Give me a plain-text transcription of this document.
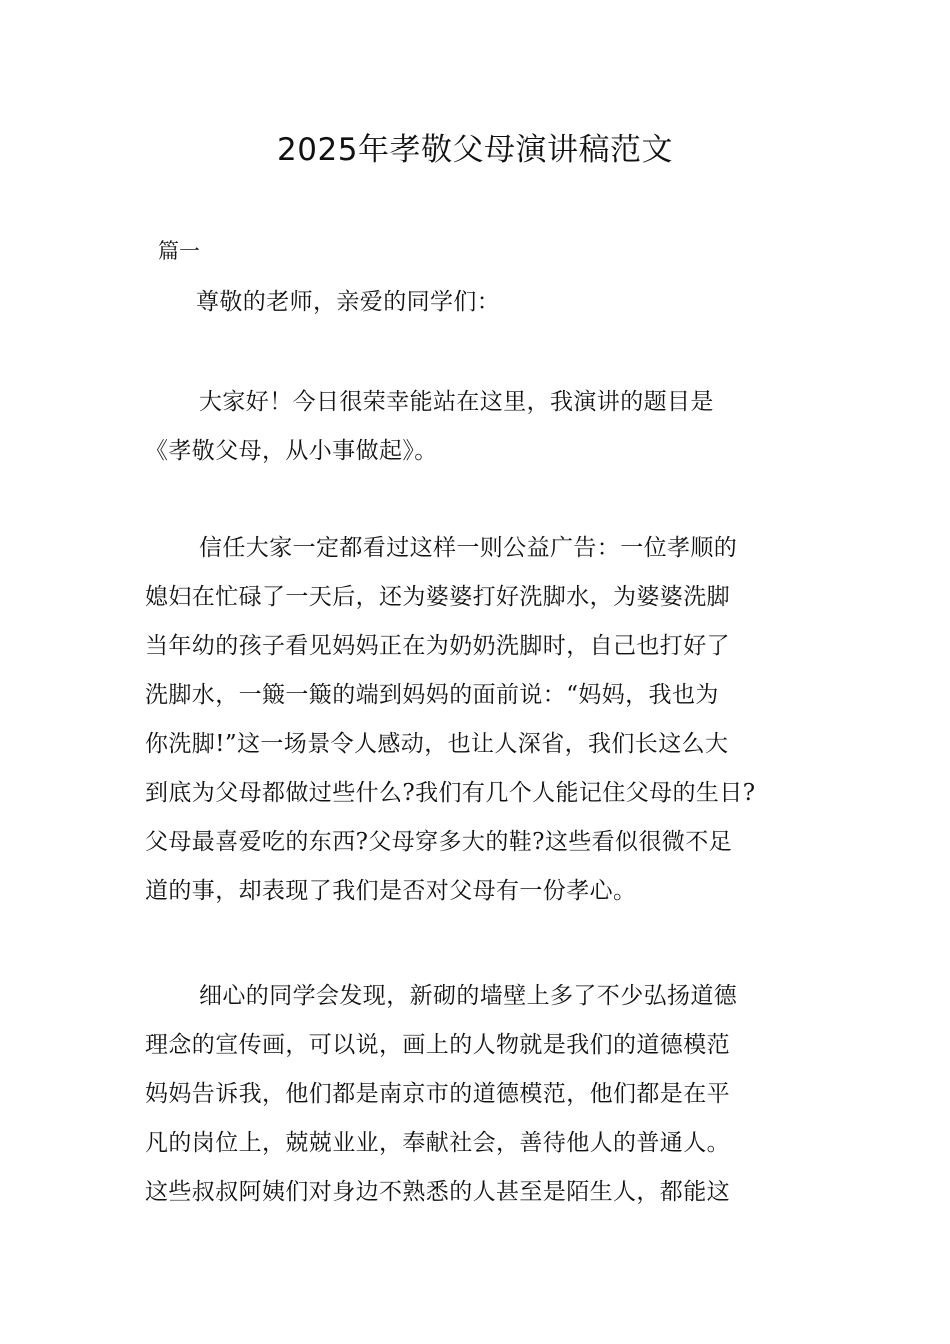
2025年孝敬父母演讲稿范文

篇一

尊敬的老师，亲爱的同学们：

大家好！今日很荣幸能站在这里，我演讲的题目是
《孝敬父母，从小事做起》。

信任大家一定都看过这样一则公益广告：一位孝顺的
媳妇在忙碌了一天后，还为婆婆打好洗脚水，为婆婆洗脚
当年幼的孩子看见妈妈正在为奶奶洗脚时，自己也打好了
洗脚水，一簸一簸的端到妈妈的面前说：“妈妈，我也为
你洗脚!”这一场景令人感动，也让人深省，我们长这么大
到底为父母都做过些什么?我们有几个人能记住父母的生日?
父母最喜爱吃的东西?父母穿多大的鞋?这些看似很微不足
道的事，却表现了我们是否对父母有一份孝心。

细心的同学会发现，新砌的墙壁上多了不少弘扬道德
理念的宣传画，可以说，画上的人物就是我们的道德模范
妈妈告诉我，他们都是南京市的道德模范，他们都是在平
凡的岗位上，兢兢业业，奉献社会，善待他人的普通人。
这些叔叔阿姨们对身边不熟悉的人甚至是陌生人，都能这
